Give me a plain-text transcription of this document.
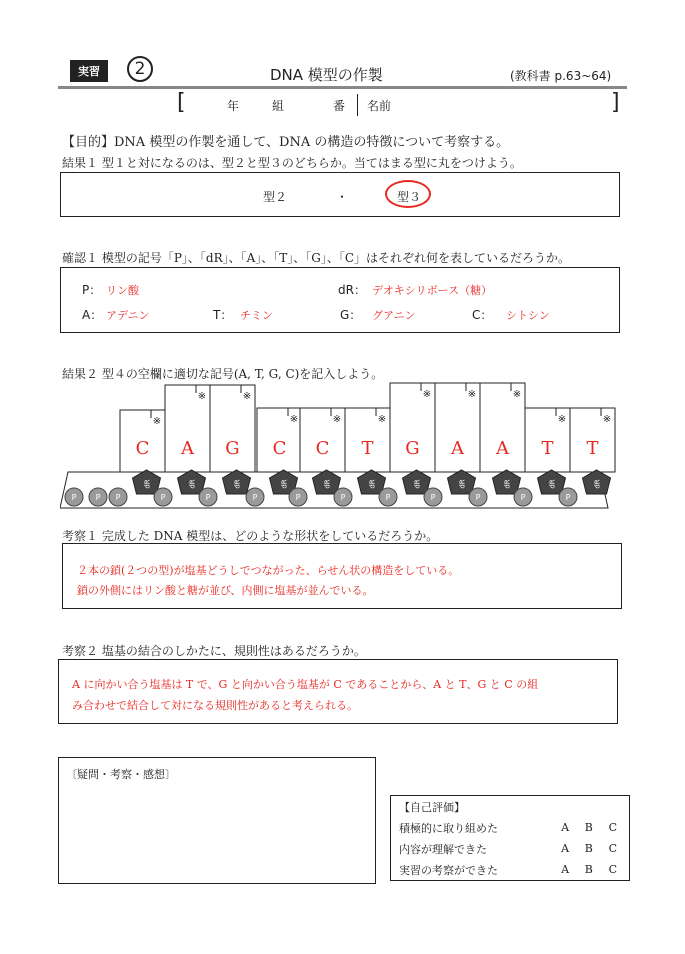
実習	2	DNA 模型の作製	(教科書 p.63~64)
[	年	組	番 名前	]
【目的】DNA 模型の作製を通して、DNA の構造の特徴について考察する。
結果１ 型１と対になるのは、型２と型３のどちらか。当てはまる型に丸をつけよう。
型２	・	型３
確認１ 模型の記号「P」、「dR」、「A」、「T」、「G」、「C」はそれぞれ何を表しているだろうか。
P： リン酸	dR： デオキシリボース（糖）
A： アデニン	T： チミン	G： グアニン	C： シトシン
結果２ 型４の空欄に適切な記号(A, T, G, C)を記入しよう。
※
C
※
A
※
G
※
C
※
C
※
T
※
G
※
A
※
A
※
T
※
T
dR
P
dR
P
dR
P
dR
P
dR
P
dR
P
dR
P
dR
P
dR
P
dR
P
dR
P
P P
考察１ 完成した DNA 模型は、どのような形状をしているだろうか。
２本の鎖(２つの型)が塩基どうしでつながった、らせん状の構造をしている。
鎖の外側にはリン酸と糖が並び、内側に塩基が並んでいる。
考察２ 塩基の結合のしかたに、規則性はあるだろうか。
A に向かい合う塩基は T で、G と向かい合う塩基が C であることから、A と T、G と C の組
み合わせで結合して対になる規則性があると考えられる。
〔疑問・考察・感想〕
【自己評価】			
積極的に取り組めた	A	B	C
内容が理解できた	A	B	C
実習の考察ができた	A	B	C
